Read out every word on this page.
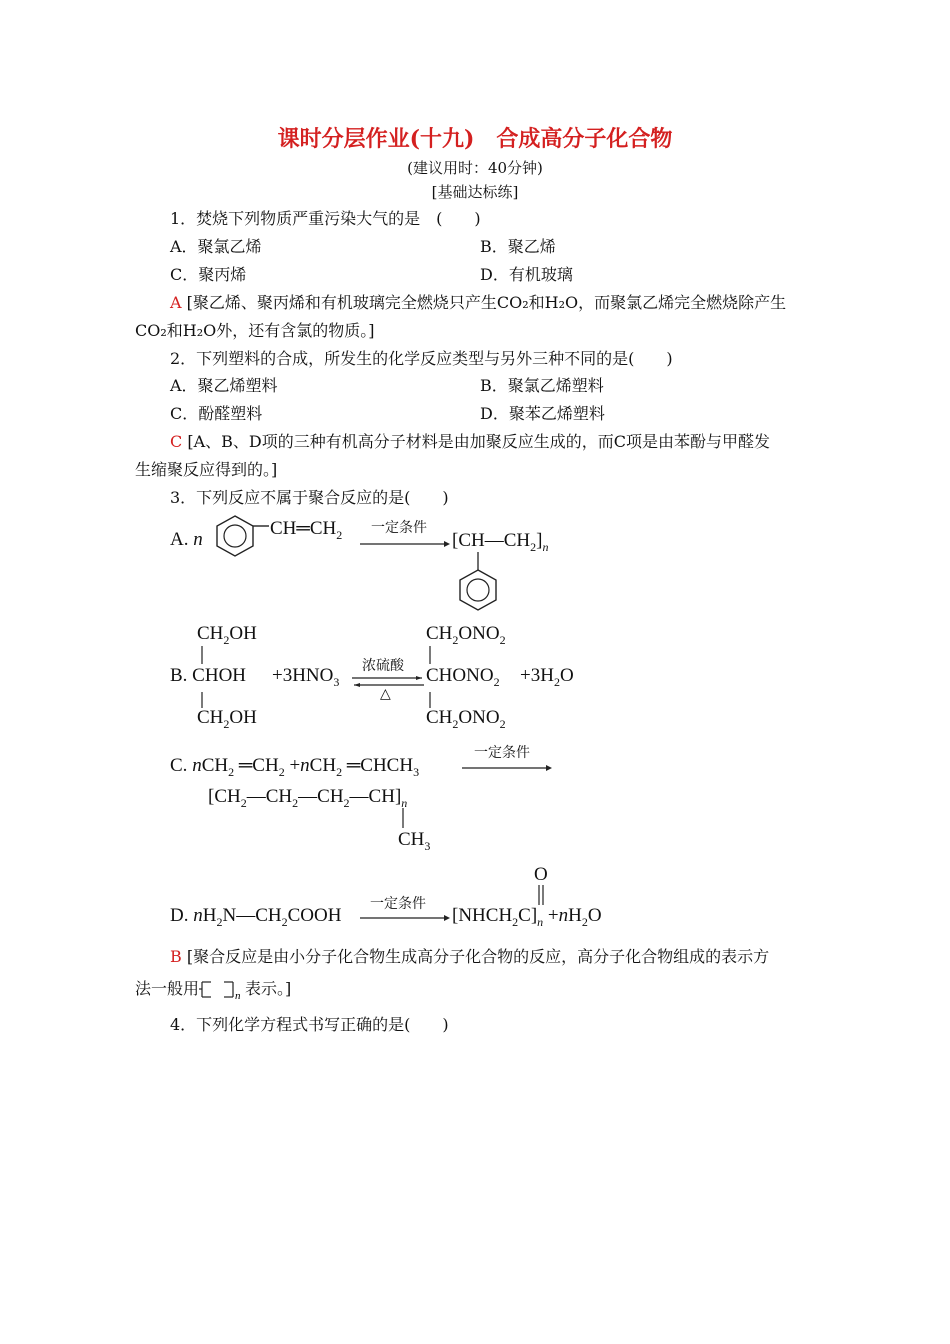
课时分层作业(十九)　合成高分子化合物
(建议用时：40分钟)
[基础达标练]
1．焚烧下列物质严重污染大气的是　(　　)
A．聚氯乙烯	B．聚乙烯
C．聚丙烯	D．有机玻璃
A [聚乙烯、聚丙烯和有机玻璃完全燃烧只产生CO₂和H₂O，而聚氯乙烯完全燃烧除产生
CO₂和H₂O外，还有含氯的物质。]
2．下列塑料的合成，所发生的化学反应类型与另外三种不同的是(　　)
A．聚乙烯塑料	B．聚氯乙烯塑料
C．酚醛塑料	D．聚苯乙烯塑料
C [A、B、D项的三种有机高分子材料是由加聚反应生成的，而C项是由苯酚与甲醛发
生缩聚反应得到的。]
3．下列反应不属于聚合反应的是(　　)
A. n
$CH═CH_2$ 一定条件
$[CH—CH_2]_n$
$CH_2OH$
B. CHOH
$CH_2OH$
$+3HNO_3$
浓硫酸
△
$CH_2ONO_2$
$CHONO_2$
$CH_2ONO_2$
$+3H_2O$
C. nCH$_2$ $═CH_2 +nCH_2$ $═CHCH_3$
一定条件
$[CH_2—CH_2—CH_2—CH]_n$
$CH_3$
O
D. $nH_2N—CH_2COOH$
一定条件
$[NHCH_2C]_n +nH_2O$
B [聚合反应是由小分子化合物生成高分子化合物的反应，高分子化合物组成的表示方
法一般用	n 表示。]
4．下列化学方程式书写正确的是(　　)
